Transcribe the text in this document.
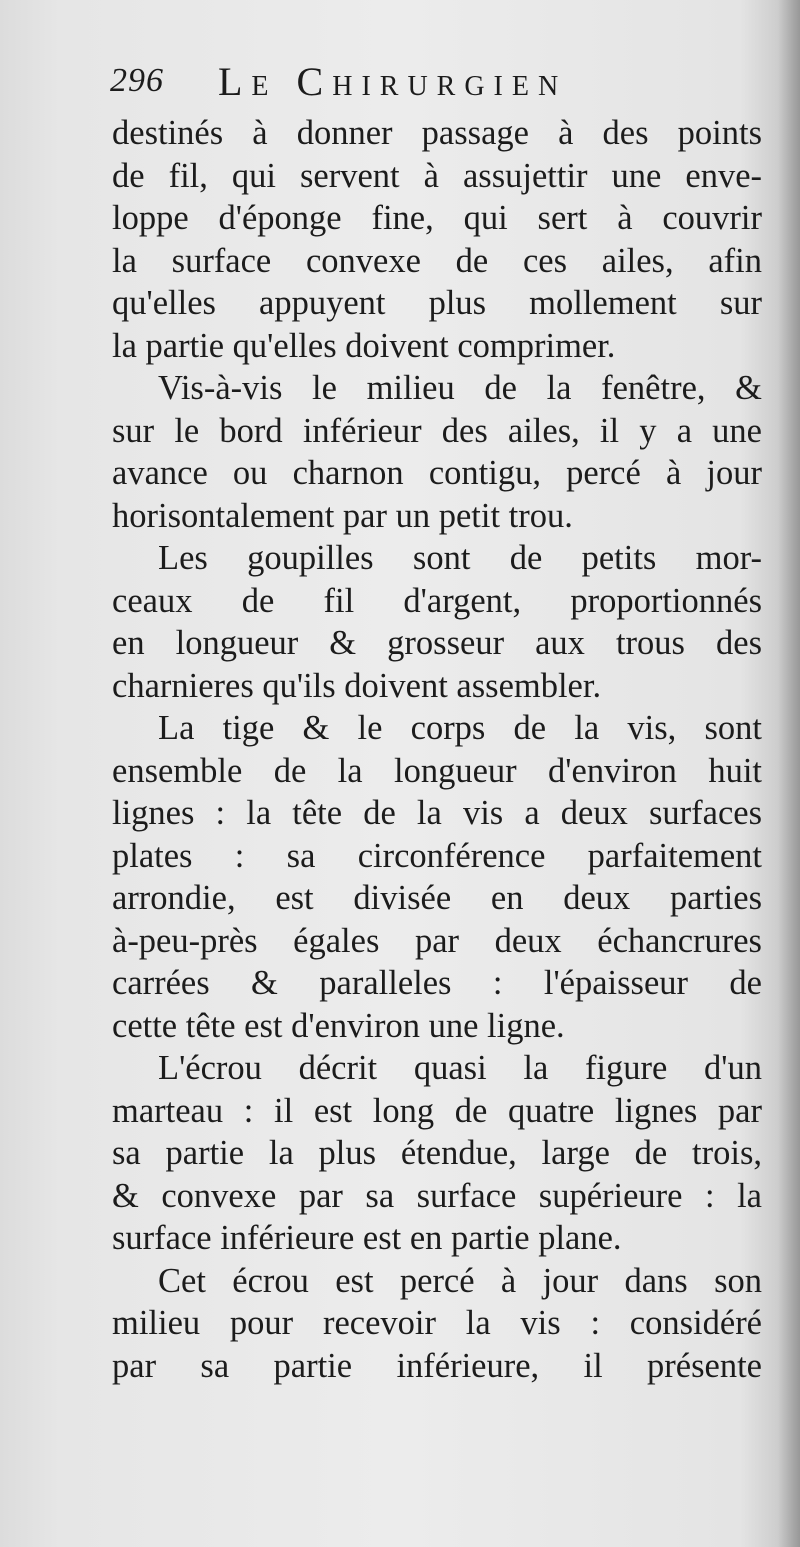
296 Le Chirurgien
destinés à donner passage à des points
de fil, qui servent à assujettir une enve-
loppe d'éponge fine, qui sert à couvrir
la surface convexe de ces ailes, afin
qu'elles appuyent plus mollement sur
la partie qu'elles doivent comprimer.
Vis-à-vis le milieu de la fenêtre, &
sur le bord inférieur des ailes, il y a une
avance ou charnon contigu, percé à jour
horisontalement par un petit trou.
Les goupilles sont de petits mor-
ceaux de fil d'argent, proportionnés
en longueur & grosseur aux trous des
charnieres qu'ils doivent assembler.
La tige & le corps de la vis, sont
ensemble de la longueur d'environ huit
lignes : la tête de la vis a deux surfaces
plates : sa circonférence parfaitement
arrondie, est divisée en deux parties
à-peu-près égales par deux échancrures
carrées & paralleles : l'épaisseur de
cette tête est d'environ une ligne.
L'écrou décrit quasi la figure d'un
marteau : il est long de quatre lignes par
sa partie la plus étendue, large de trois,
& convexe par sa surface supérieure : la
surface inférieure est en partie plane.
Cet écrou est percé à jour dans son
milieu pour recevoir la vis : considéré
par sa partie inférieure, il présente
